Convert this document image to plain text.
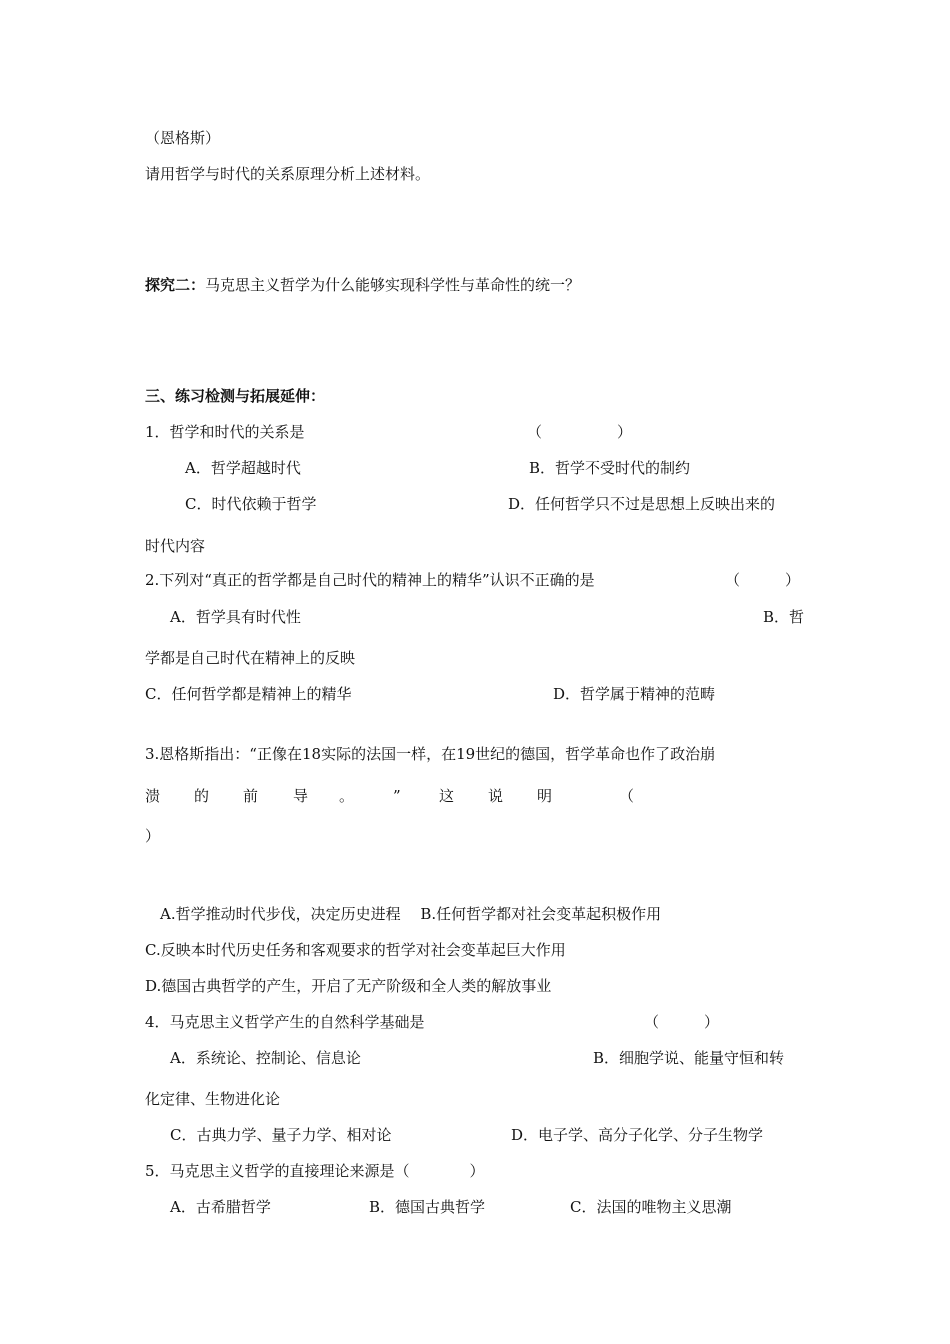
（恩格斯）
请用哲学与时代的关系原理分析上述材料。
探究二：马克思主义哲学为什么能够实现科学性与革命性的统一？
三、练习检测与拓展延伸：
1．哲学和时代的关系是	（　　　　　）
A．哲学超越时代	B．哲学不受时代的制约
C．时代依赖于哲学	D．任何哲学只不过是思想上反映出来的
时代内容
2.下列对“真正的哲学都是自己时代的精神上的精华”认识不正确的是	（　　　）
A．哲学具有时代性	B．哲
学都是自己时代在精神上的反映
C．任何哲学都是精神上的精华	D．哲学属于精神的范畴
3.恩格斯指出：“正像在18实际的法国一样，在19世纪的德国，哲学革命也作了政治崩
溃 的 前 导 。	”	这 说 明	（
）
A.哲学推动时代步伐，决定历史进程　 B.任何哲学都对社会变革起积极作用
C.反映本时代历史任务和客观要求的哲学对社会变革起巨大作用
D.德国古典哲学的产生，开启了无产阶级和全人类的解放事业
4．马克思主义哲学产生的自然科学基础是	（　　　）
A．系统论、控制论、信息论	B．细胞学说、能量守恒和转
化定律、生物进化论
C．古典力学、量子力学、相对论	D．电子学、高分子化学、分子生物学
5．马克思主义哲学的直接理论来源是（　　　　）
A．古希腊哲学	B．德国古典哲学	C．法国的唯物主义思潮
